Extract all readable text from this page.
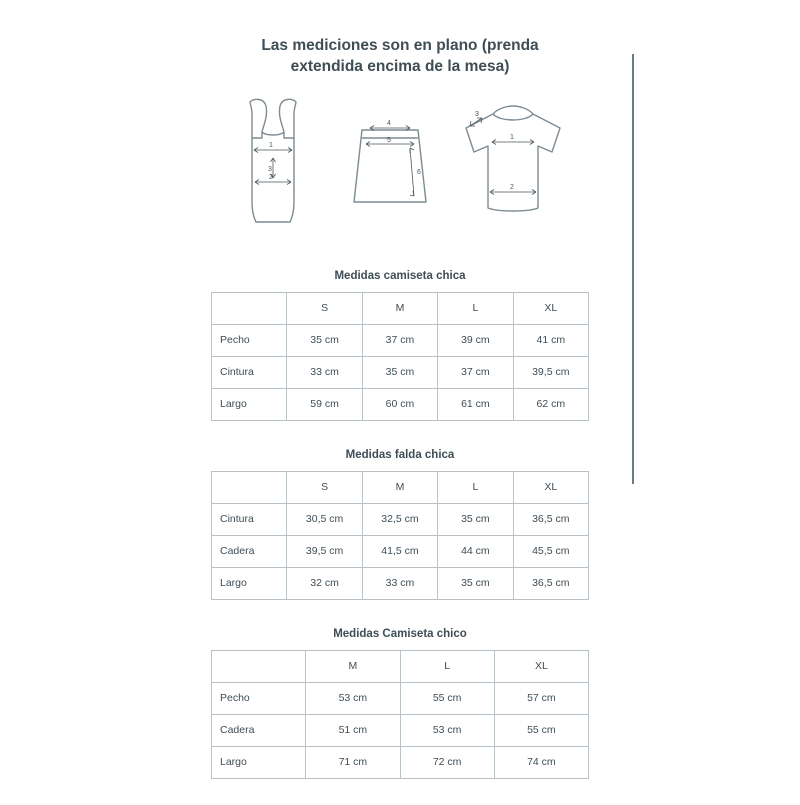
Las mediciones son en plano (prenda
extendida encima de la mesa)
1
3
2
4
5
6
3
1
2
Medidas camiseta chica
	S	M	L	XL
Pecho	35 cm	37 cm	39 cm	41 cm
Cintura	33 cm	35 cm	37 cm	39,5 cm
Largo	59 cm	60 cm	61 cm	62 cm
Medidas falda chica
	S	M	L	XL
Cintura	30,5 cm	32,5 cm	35 cm	36,5 cm
Cadera	39,5 cm	41,5 cm	44 cm	45,5 cm
Largo	32 cm	33 cm	35 cm	36,5 cm
Medidas Camiseta chico
	M	L	XL
Pecho	53 cm	55 cm	57 cm
Cadera	51 cm	53 cm	55 cm
Largo	71 cm	72 cm	74 cm
